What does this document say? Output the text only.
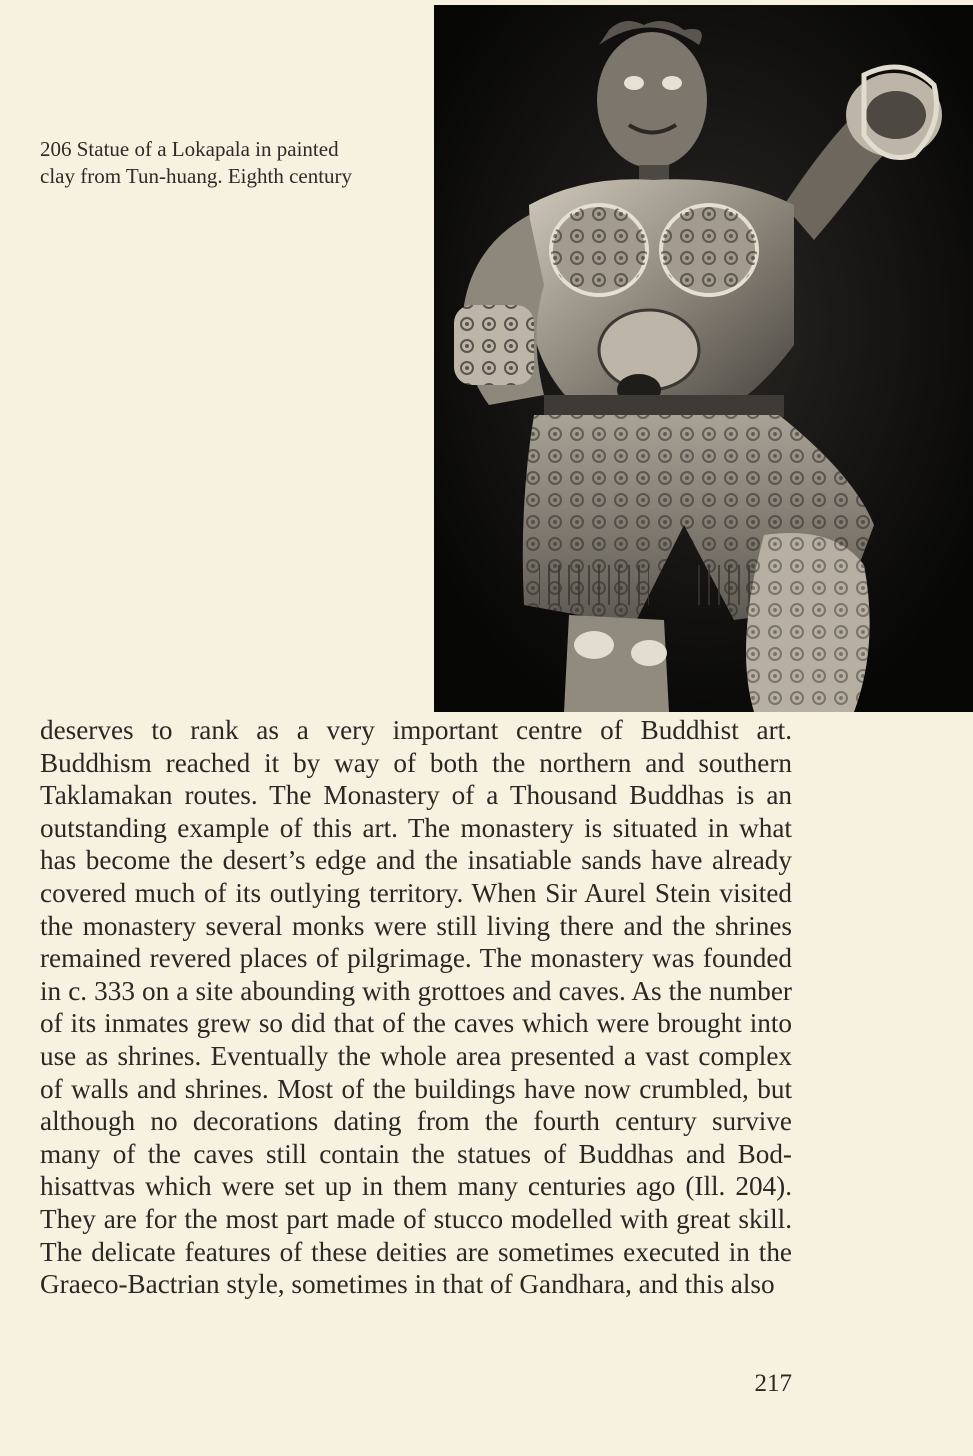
206 Statue of a Lokapala in painted
clay from Tun-huang. Eighth century
deserves to rank as a very important centre of Buddhist art.
Buddhism reached it by way of both the northern and southern
Taklamakan routes. The Monastery of a Thousand Buddhas is an
outstanding example of this art. The monastery is situated in what
has become the desert’s edge and the insatiable sands have already
covered much of its outlying territory. When Sir Aurel Stein visited
the monastery several monks were still living there and the shrines
remained revered places of pilgrimage. The monastery was founded
in c. 333 on a site abounding with grottoes and caves. As the number
of its inmates grew so did that of the caves which were brought into
use as shrines. Eventually the whole area presented a vast complex
of walls and shrines. Most of the buildings have now crumbled, but
although no decorations dating from the fourth century survive
many of the caves still contain the statues of Buddhas and Bod-
hisattvas which were set up in them many centuries ago (Ill. 204).
They are for the most part made of stucco modelled with great skill.
The delicate features of these deities are sometimes executed in the
Graeco-Bactrian style, sometimes in that of Gandhara, and this also
217
